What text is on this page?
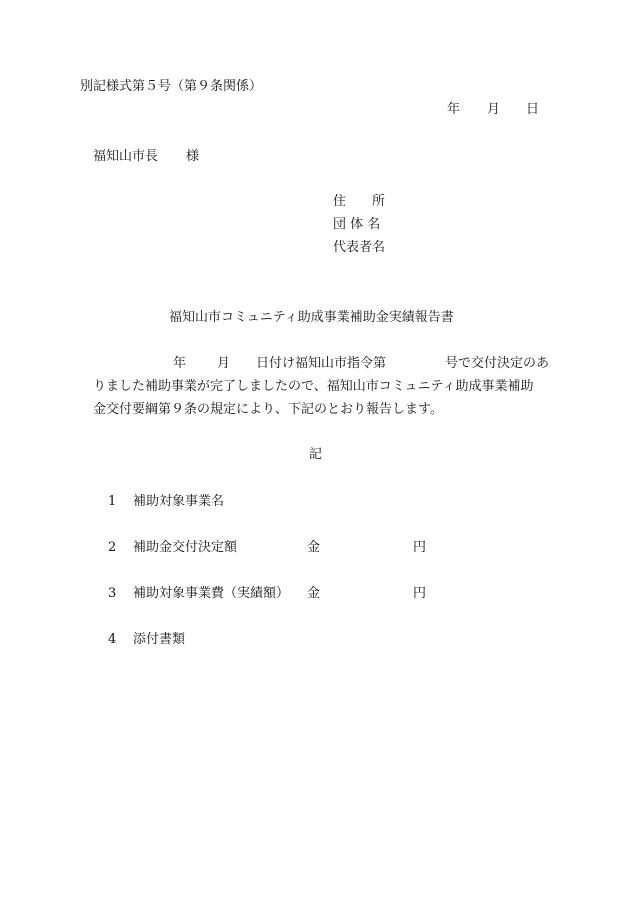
別記様式第５号（第９条関係）
年 月 日
福知山市長 様
住　　所
団 体 名
代表者名
福知山市コミュニティ助成事業補助金実績報告書
年 月 日付け福知山市指令第	号で交付決定のあ
りました補助事業が完了しましたので、福知山市コミュニティ助成事業補助
金交付要綱第９条の規定により、下記のとおり報告します。
記
1 補助対象事業名
2 補助金交付決定額	金	円
3 補助対象事業費（実績額） 金	円
4 添付書類
